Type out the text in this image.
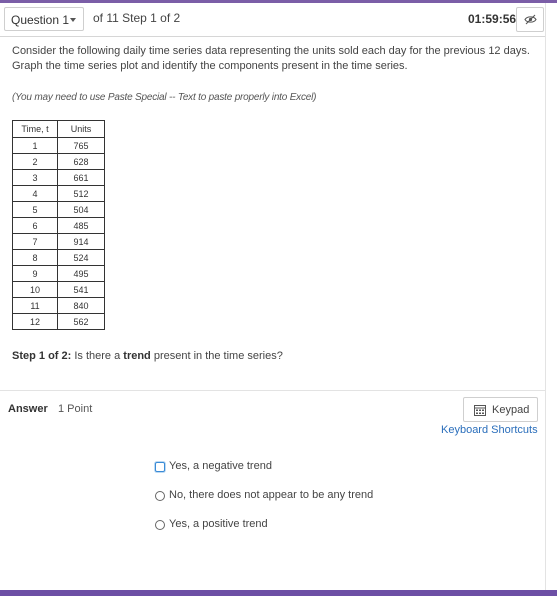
Question 1	of 11 Step 1 of 2	01:59:56
Consider the following daily time series data representing the units sold each day for the previous 12 days. Graph the time series plot and identify the components present in the time series.
(You may need to use Paste Special -- Text to paste properly into Excel)
Time, t	Units
1	765
2	628
3	661
4	512
5	504
6	485
7	914
8	524
9	495
10	541
11	840
12	562
Step 1 of 2: Is there a trend present in the time series?
Answer 1 Point	Keypad
Keyboard Shortcuts
Yes, a negative trend
No, there does not appear to be any trend
Yes, a positive trend
